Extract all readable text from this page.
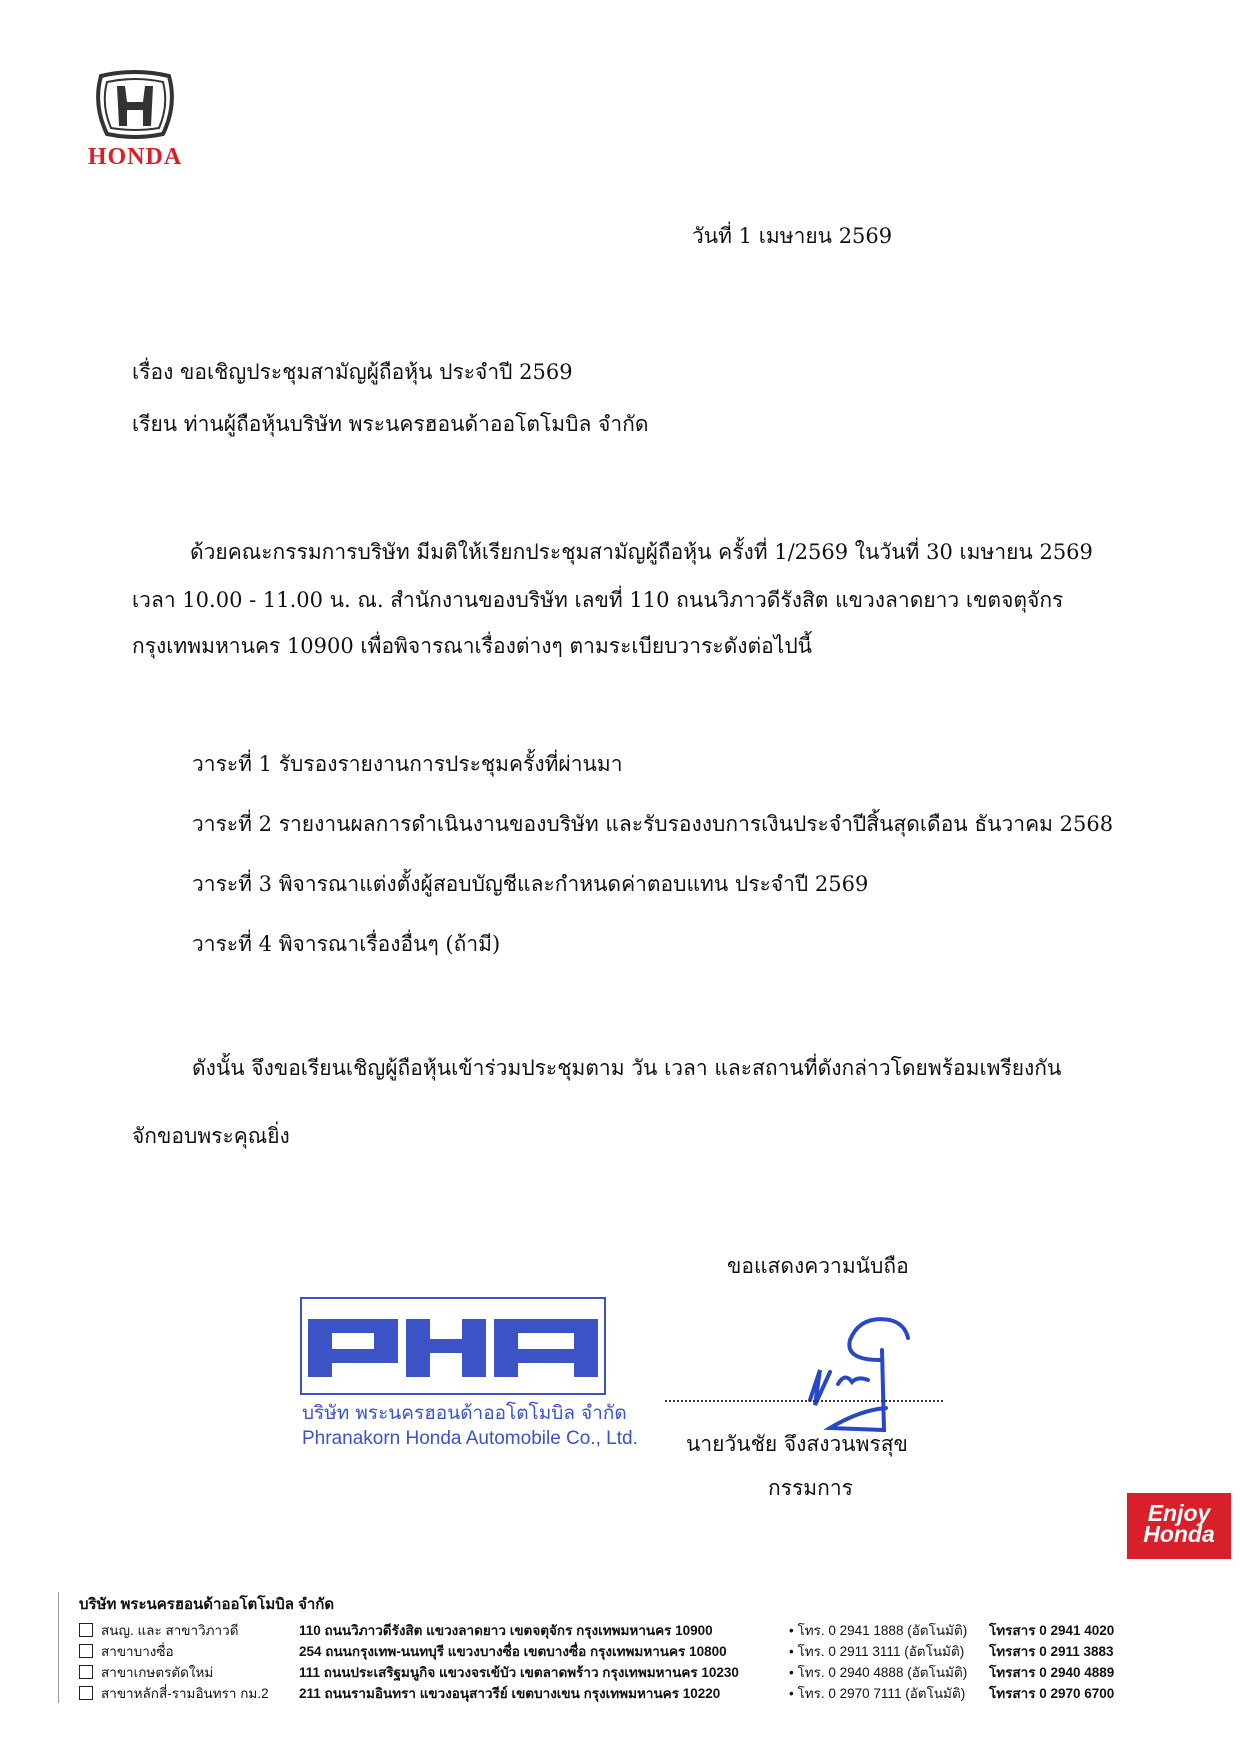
HONDA
วันที่ 1 เมษายน 2569
เรื่อง ขอเชิญประชุมสามัญผู้ถือหุ้น ประจำปี 2569
เรียน ท่านผู้ถือหุ้นบริษัท พระนครฮอนด้าออโตโมบิล จำกัด
ด้วยคณะกรรมการบริษัท มีมติให้เรียกประชุมสามัญผู้ถือหุ้น ครั้งที่ 1/2569 ในวันที่ 30 เมษายน 2569
เวลา 10.00 - 11.00 น. ณ. สำนักงานของบริษัท เลขที่ 110 ถนนวิภาวดีรังสิต แขวงลาดยาว เขตจตุจักร
กรุงเทพมหานคร 10900 เพื่อพิจารณาเรื่องต่างๆ ตามระเบียบวาระดังต่อไปนี้
วาระที่ 1 รับรองรายงานการประชุมครั้งที่ผ่านมา
วาระที่ 2 รายงานผลการดำเนินงานของบริษัท และรับรองงบการเงินประจำปีสิ้นสุดเดือน ธันวาคม 2568
วาระที่ 3 พิจารณาแต่งตั้งผู้สอบบัญชีและกำหนดค่าตอบแทน ประจำปี 2569
วาระที่ 4 พิจารณาเรื่องอื่นๆ (ถ้ามี)
ดังนั้น จึงขอเรียนเชิญผู้ถือหุ้นเข้าร่วมประชุมตาม วัน เวลา และสถานที่ดังกล่าวโดยพร้อมเพรียงกัน
จักขอบพระคุณยิ่ง
ขอแสดงความนับถือ
บริษัท พระนครฮอนด้าออโตโมบิล จำกัด
Phranakorn Honda Automobile Co., Ltd. นายวันชัย จึงสงวนพรสุข
กรรมการ
Enjoy
Honda
บริษัท พระนครฮอนด้าออโตโมบิล จำกัด
สนญ. และ สาขาวิภาวดี	110 ถนนวิภาวดีรังสิต แขวงลาดยาว เขตจตุจักร กรุงเทพมหานคร 10900	• โทร. 0 2941 1888 (อัตโนมัติ)	โทรสาร 0 2941 4020
สาขาบางซื่อ	254 ถนนกรุงเทพ-นนทบุรี แขวงบางซื่อ เขตบางซื่อ กรุงเทพมหานคร 10800	• โทร. 0 2911 3111 (อัตโนมัติ)	โทรสาร 0 2911 3883
สาขาเกษตรตัดใหม่	111 ถนนประเสริฐมนูกิจ แขวงจรเข้บัว เขตลาดพร้าว กรุงเทพมหานคร 10230	• โทร. 0 2940 4888 (อัตโนมัติ)	โทรสาร 0 2940 4889
สาขาหลักสี่-รามอินทรา กม.2	211 ถนนรามอินทรา แขวงอนุสาวรีย์ เขตบางเขน กรุงเทพมหานคร 10220	• โทร. 0 2970 7111 (อัตโนมัติ)	โทรสาร 0 2970 6700
